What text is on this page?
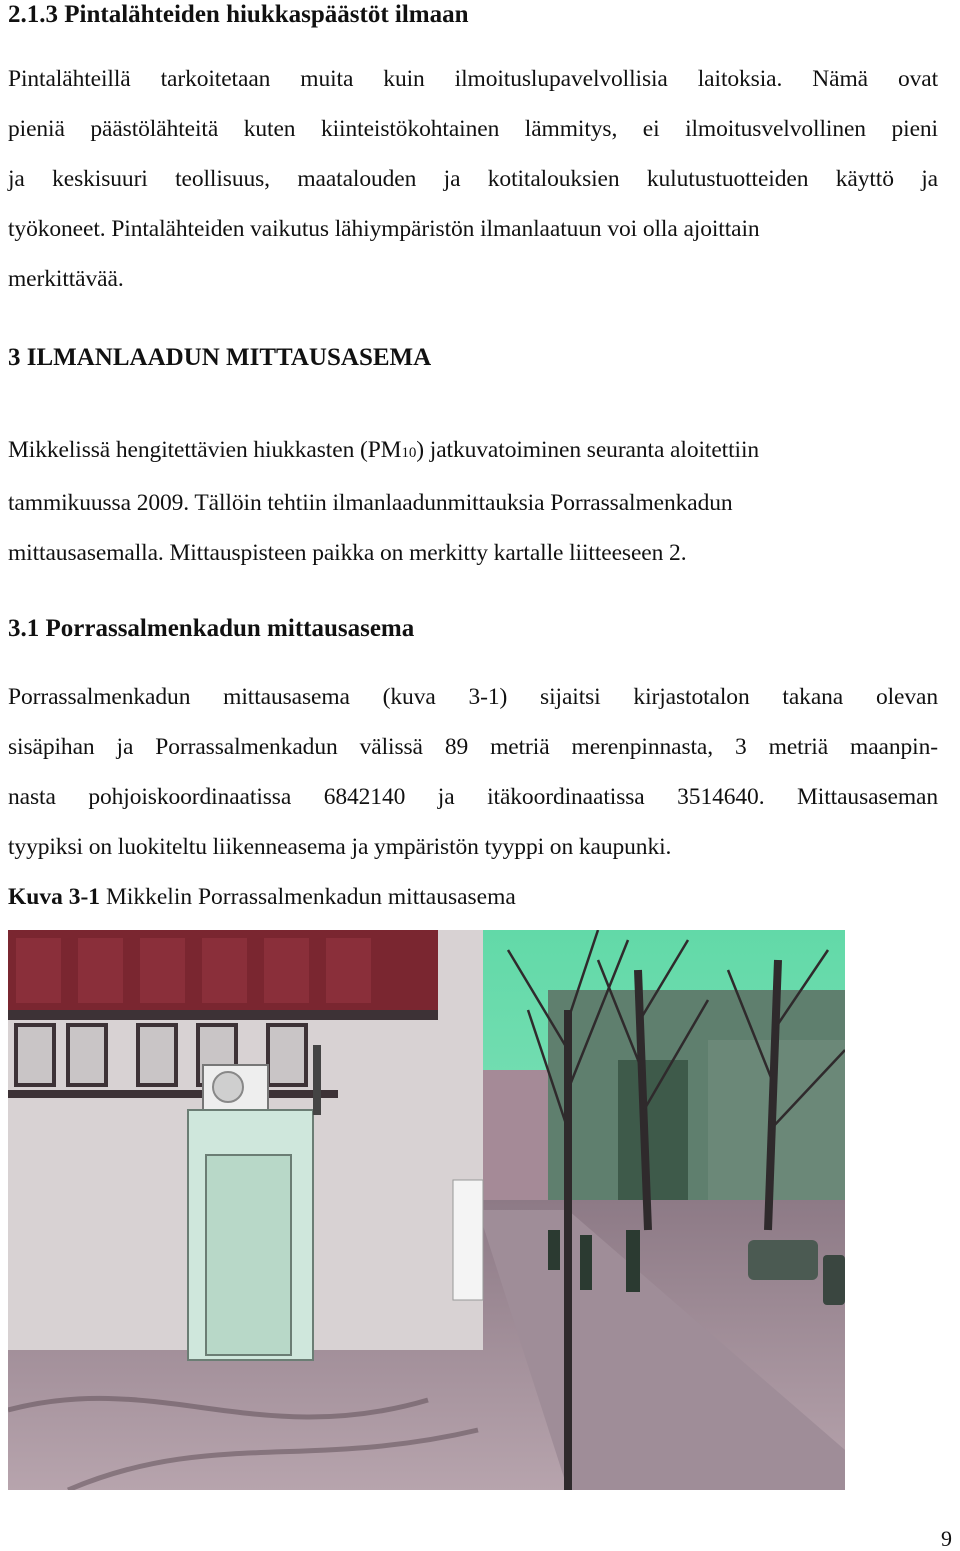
2.1.3 Pintalähteiden hiukkaspäästöt ilmaan

Pintalähteillä tarkoitetaan muita kuin ilmoituslupavelvollisia laitoksia. Nämä ovat
pieniä päästölähteitä kuten kiinteistökohtainen lämmitys, ei ilmoitusvelvollinen pieni
ja keskisuuri teollisuus, maatalouden ja kotitalouksien kulutustuotteiden käyttö ja
työkoneet. Pintalähteiden vaikutus lähiympäristön ilmanlaatuun voi olla ajoittain
merkittävää.

3 ILMANLAADUN MITTAUSASEMA

Mikkelissä hengitettävien hiukkasten (PM10) jatkuvatoiminen seuranta aloitettiin
tammikuussa 2009. Tällöin tehtiin ilmanlaadunmittauksia Porrassalmenkadun
mittausasemalla. Mittauspisteen paikka on merkitty kartalle liitteeseen 2.

3.1 Porrassalmenkadun mittausasema

Porrassalmenkadun mittausasema (kuva 3-1) sijaitsi kirjastotalon takana olevan
sisäpihan ja Porrassalmenkadun välissä 89 metriä merenpinnasta, 3 metriä maanpin-
nasta pohjoiskoordinaatissa 6842140 ja itäkoordinaatissa 3514640. Mittausaseman
tyypiksi on luokiteltu liikenneasema ja ympäristön tyyppi on kaupunki.

Kuva 3-1 Mikkelin Porrassalmenkadun mittausasema

9
